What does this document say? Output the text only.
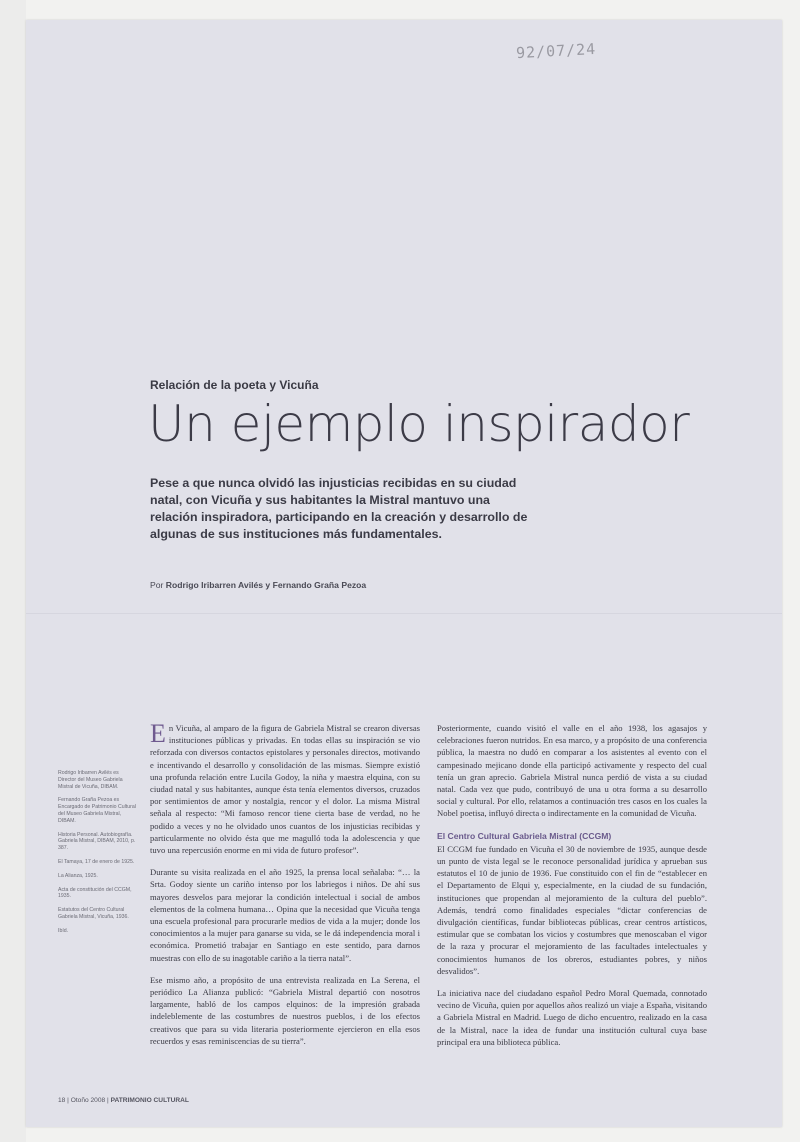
92/07/24
Relación de la poeta y Vicuña
Un ejemplo inspirador
Pese a que nunca olvidó las injusticias recibidas en su ciudad natal, con Vicuña y sus habitantes la Mistral mantuvo una relación inspiradora, participando en la creación y desarrollo de algunas de sus instituciones más fundamentales.
Por Rodrigo Iribarren Avilés y Fernando Graña Pezoa

Rodrigo Iribarren Avilés es Director del Museo Gabriela Mistral de Vicuña, DIBAM.

Fernando Graña Pezoa es Encargado de Patrimonio Cultural del Museo Gabriela Mistral, DIBAM.

Historia Personal. Autobiografía. Gabriela Mistral, DIBAM, 2010, p. 387.

El Tamaya, 17 de enero de 1925.

La Alianza, 1925.

Acta de constitución del CCGM, 1935.

Estatutos del Centro Cultural Gabriela Mistral, Vicuña, 1936.

Ibíd.

En Vicuña, al amparo de la figura de Gabriela Mistral se crearon diversas instituciones públicas y privadas. En todas ellas su inspiración se vio reforzada con diversos contactos epistolares y personales directos, motivando e incentivando el desarrollo y consolidación de las mismas. Siempre existió una profunda relación entre Lucila Godoy, la niña y maestra elquina, con su ciudad natal y sus habitantes, aunque ésta tenía elementos diversos, cruzados por sentimientos de amor y nostalgia, rencor y el dolor. La misma Mistral señala al respecto: “Mi famoso rencor tiene cierta base de verdad, no he podido a veces y no he olvidado unos cuantos de los injusticias recibidas y particularmente no olvido ésta que me magulló toda la adolescencia y que tuvo una repercusión enorme en mi vida de futuro profesor”.

Durante su visita realizada en el año 1925, la prensa local señalaba: “… la Srta. Godoy siente un cariño intenso por los labriegos i niños. De ahí sus mayores desvelos para mejorar la condición intelectual i social de ambos elementos de la colmena humana… Opina que la necesidad que Vicuña tenga una escuela profesional para procurarle medios de vida a la mujer; donde los conocimientos a la mujer para ganarse su vida, se le dá independencia moral i económica. Prometió trabajar en Santiago en este sentido, para darnos muestras con ello de su inagotable cariño a la tierra natal”.

Ese mismo año, a propósito de una entrevista realizada en La Serena, el periódico La Alianza publicó: “Gabriela Mistral departió con nosotros largamente, habló de los campos elquinos: de la impresión grabada indeleblemente de las costumbres de nuestros pueblos, i de los efectos creativos que para su vida literaria posteriormente ejercieron en ella esos recuerdos y esas reminiscencias de su tierra”.

Posteriormente, cuando visitó el valle en el año 1938, los agasajos y celebraciones fueron nutridos. En esa marco, y a propósito de una conferencia pública, la maestra no dudó en comparar a los asistentes al evento con el campesinado mejicano donde ella participó activamente y respecto del cual tenía un gran aprecio. Gabriela Mistral nunca perdió de vista a su ciudad natal. Cada vez que pudo, contribuyó de una u otra forma a su desarrollo social y cultural. Por ello, relatamos a continuación tres casos en los cuales la Nobel poetisa, influyó directa o indirectamente en la comunidad de Vicuña.

El Centro Cultural Gabriela Mistral (CCGM)

El CCGM fue fundado en Vicuña el 30 de noviembre de 1935, aunque desde un punto de vista legal se le reconoce personalidad jurídica y aprueban sus estatutos el 10 de junio de 1936. Fue constituido con el fin de “establecer en el Departamento de Elqui y, especialmente, en la ciudad de su fundación, instituciones que propendan al mejoramiento de la cultura del pueblo”. Además, tendrá como finalidades especiales “dictar conferencias de divulgación científicas, fundar bibliotecas públicas, crear centros artísticos, estimular que se combatan los vicios y costumbres que menoscaban el vigor de la raza y procurar el mejoramiento de las facultades intelectuales y conocimientos humanos de los obreros, estudiantes pobres, y niños desvalidos”.

La iniciativa nace del ciudadano español Pedro Moral Quemada, connotado vecino de Vicuña, quien por aquellos años realizó un viaje a España, visitando a Gabriela Mistral en Madrid. Luego de dicho encuentro, realizado en la casa de la Mistral, nace la idea de fundar una institución cultural cuya base principal era una biblioteca pública.

18 | Otoño 2008 | PATRIMONIO CULTURAL
